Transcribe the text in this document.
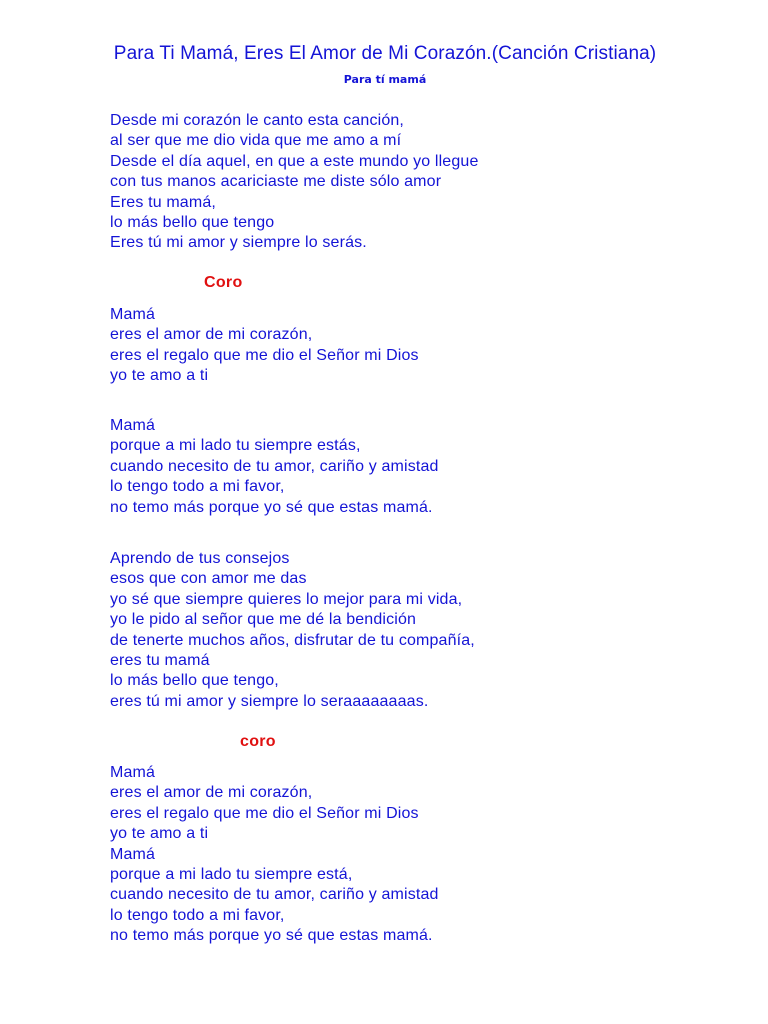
Para Ti Mamá, Eres El Amor de Mi Corazón.(Canción Cristiana) Para tí mamá
Desde mi corazón le canto esta canción,
al ser que me dio vida que me amo a mí
Desde el día aquel, en que a este mundo yo llegue
con tus manos acariciaste me diste sólo amor
Eres tu mamá,
lo más bello que tengo
Eres tú mi amor y siempre lo serás.
Coro
Mamá
eres el amor de mi corazón,
eres el regalo que me dio el Señor mi Dios
yo te amo a ti
Mamá
porque a mi lado tu siempre estás,
cuando necesito de tu amor, cariño y amistad
lo tengo todo a mi favor,
no temo más porque yo sé que estas mamá.
Aprendo de tus consejos
esos que con amor me das
yo sé que siempre quieres lo mejor para mi vida,
yo le pido al señor que me dé la bendición
de tenerte muchos años, disfrutar de tu compañía,
eres tu mamá
lo más bello que tengo,
eres tú mi amor y siempre lo seraaaaaaaas.
coro
Mamá
eres el amor de mi corazón,
eres el regalo que me dio el Señor mi Dios
yo te amo a ti
Mamá
porque a mi lado tu siempre está,
cuando necesito de tu amor, cariño y amistad
lo tengo todo a mi favor,
no temo más porque yo sé que estas mamá.
